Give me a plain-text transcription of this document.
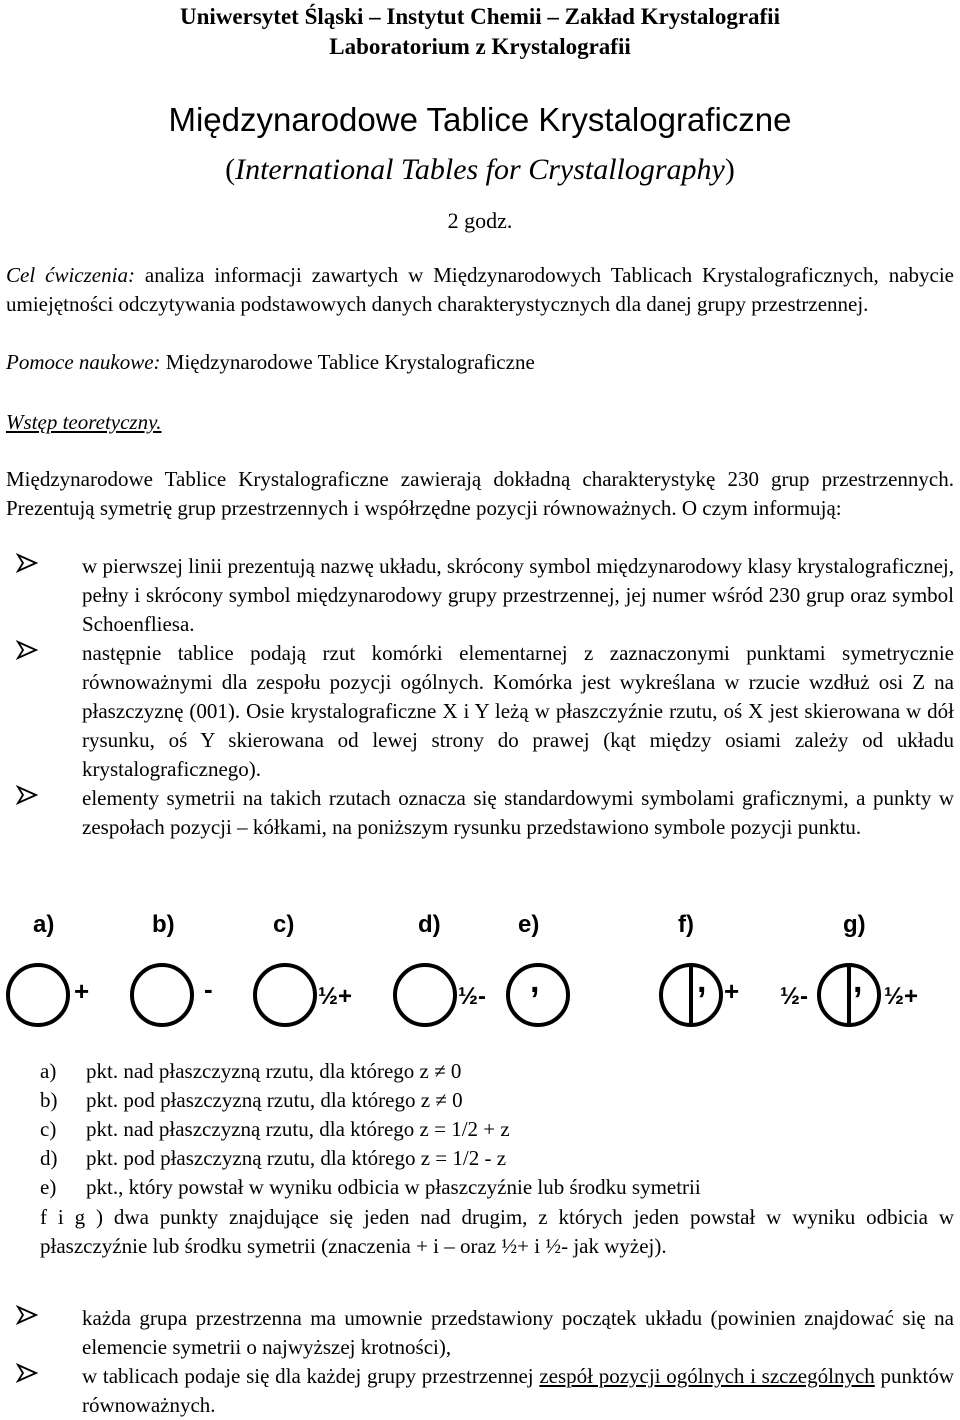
Uniwersytet Śląski – Instytut Chemii – Zakład Krystalografii
Laboratorium z Krystalografii
Międzynarodowe Tablice Krystalograficzne
(International Tables for Crystallography)
2 godz.
Cel ćwiczenia: analiza informacji zawartych w Międzynarodowych Tablicach Krystalograficznych, nabycie umiejętności odczytywania podstawowych danych charakterystycznych dla danej grupy przestrzennej.
Pomoce naukowe: Międzynarodowe Tablice Krystalograficzne
Wstęp teoretyczny.
Międzynarodowe Tablice Krystalograficzne zawierają dokładną charakterystykę 230 grup przestrzennych. Prezentują symetrię grup przestrzennych i współrzędne pozycji równoważnych. O czym informują:
w pierwszej linii prezentują nazwę układu, skrócony symbol międzynarodowy klasy krystalograficznej, pełny i skrócony symbol międzynarodowy grupy przestrzennej, jej numer wśród 230 grup oraz symbol Schoenfliesa.
następnie tablice podają rzut komórki elementarnej z zaznaczonymi punktami symetrycznie równoważnymi dla zespołu pozycji ogólnych. Komórka jest wykreślana w rzucie wzdłuż osi Z na płaszczyznę (001). Osie krystalograficzne X i Y leżą w płaszczyźnie rzutu, oś X jest skierowana w dół rysunku, oś Y skierowana od lewej strony do prawej (kąt między osiami zależy od układu krystalograficznego).
elementy symetrii na takich rzutach oznacza się standardowymi symbolami graficznymi, a punkty w zespołach pozycji – kółkami, na poniższym rysunku przedstawiono symbole pozycji punktu.
a)	b)	c)	d)	e)	f)	g)
+	-	½+	½- ,	, + ½- , ½+
a) pkt. nad płaszczyzną rzutu, dla którego z ≠ 0
b) pkt. pod płaszczyzną rzutu, dla którego z ≠ 0
c) pkt. nad płaszczyzną rzutu, dla którego z = 1/2 + z
d) pkt. pod płaszczyzną rzutu, dla którego z = 1/2 - z
e) pkt., który powstał w wyniku odbicia w płaszczyźnie lub środku symetrii
f i g ) dwa punkty znajdujące się jeden nad drugim, z których jeden powstał w wyniku odbicia w płaszczyźnie lub środku symetrii (znaczenia + i – oraz ½+ i ½- jak wyżej).
każda grupa przestrzenna ma umownie przedstawiony początek układu (powinien znajdować się na elemencie symetrii o najwyższej krotności),
w tablicach podaje się dla każdej grupy przestrzennej zespół pozycji ogólnych i szczególnych punktów równoważnych.
